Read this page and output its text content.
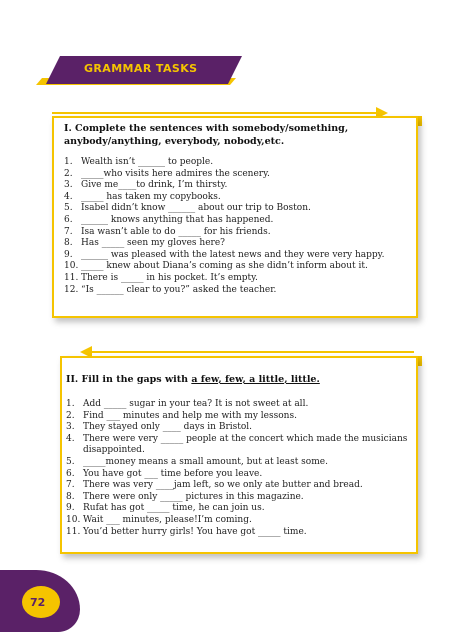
GRAMMAR TASKS
I. Complete the sentences with somebody/something, anybody/anything, everybody, nobody,etc.
1. Wealth isn’t ______ to people.
2. _____who visits here admires the scenery.
3. Give me____to drink, I’m thirsty.
4. _____ has taken my copybooks.
5. Isabel didn’t know ______ about our trip to Boston.
6. ______ knows anything that has happened.
7. Isa wasn’t able to do _____ for his friends.
8. Has _____ seen my gloves here?
9. ______ was pleased with the latest news and they were very happy.
10. _____ knew about Diana’s coming as she didn’t inform about it.
11. There is _____ in his pocket. It’s empty.
12. “Is ______ clear to you?” asked the teacher.
II. Fill in the gaps with a few, few, a little, little.
1. Add _____ sugar in your tea? It is not sweet at all.
2. Find ___ minutes and help me with my lessons.
3. They stayed only ____ days in Bristol.
4. There were very _____ people at the concert which made the musicians
disappointed.
5. _____money means a small amount, but at least some.
6. You have got ___ time before you leave.
7. There was very ____jam left, so we only ate butter and bread.
8. There were only _____ pictures in this magazine.
9. Rufat has got _____ time, he can join us.
10. Wait ___ minutes, please!I’m coming.
11. You’d better hurry girls! You have got _____ time.
72
